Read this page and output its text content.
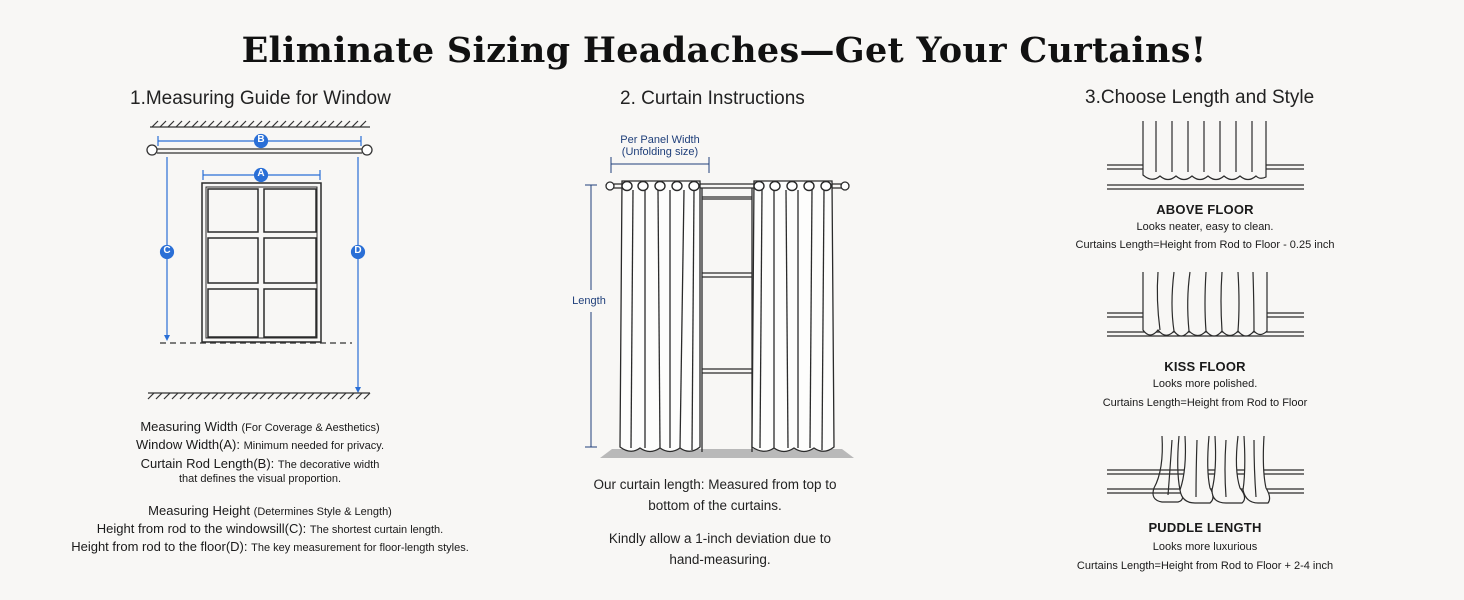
Eliminate Sizing Headaches—Get Your Curtains!
1.Measuring Guide for Window
B
A
C	D
Measuring Width (For Coverage & Aesthetics)
Window Width(A): Minimum needed for privacy.
Curtain Rod Length(B): The decorative width
that defines the visual proportion.
Measuring Height (Determines Style & Length)
Height from rod to the windowsill(C): The shortest curtain length.
Height from rod to the floor(D): The key measurement for floor-length styles.
2. Curtain Instructions
Per Panel Width
(Unfolding size)
Length
Our curtain length: Measured from top to
bottom of the curtains.
Kindly allow a 1-inch deviation due to
hand-measuring.
3.Choose Length and Style
ABOVE FLOOR
Looks neater, easy to clean.
Curtains Length=Height from Rod to Floor - 0.25 inch
KISS FLOOR
Looks more polished.
Curtains Length=Height from Rod to Floor
PUDDLE LENGTH
Looks more luxurious
Curtains Length=Height from Rod to Floor + 2-4 inch
